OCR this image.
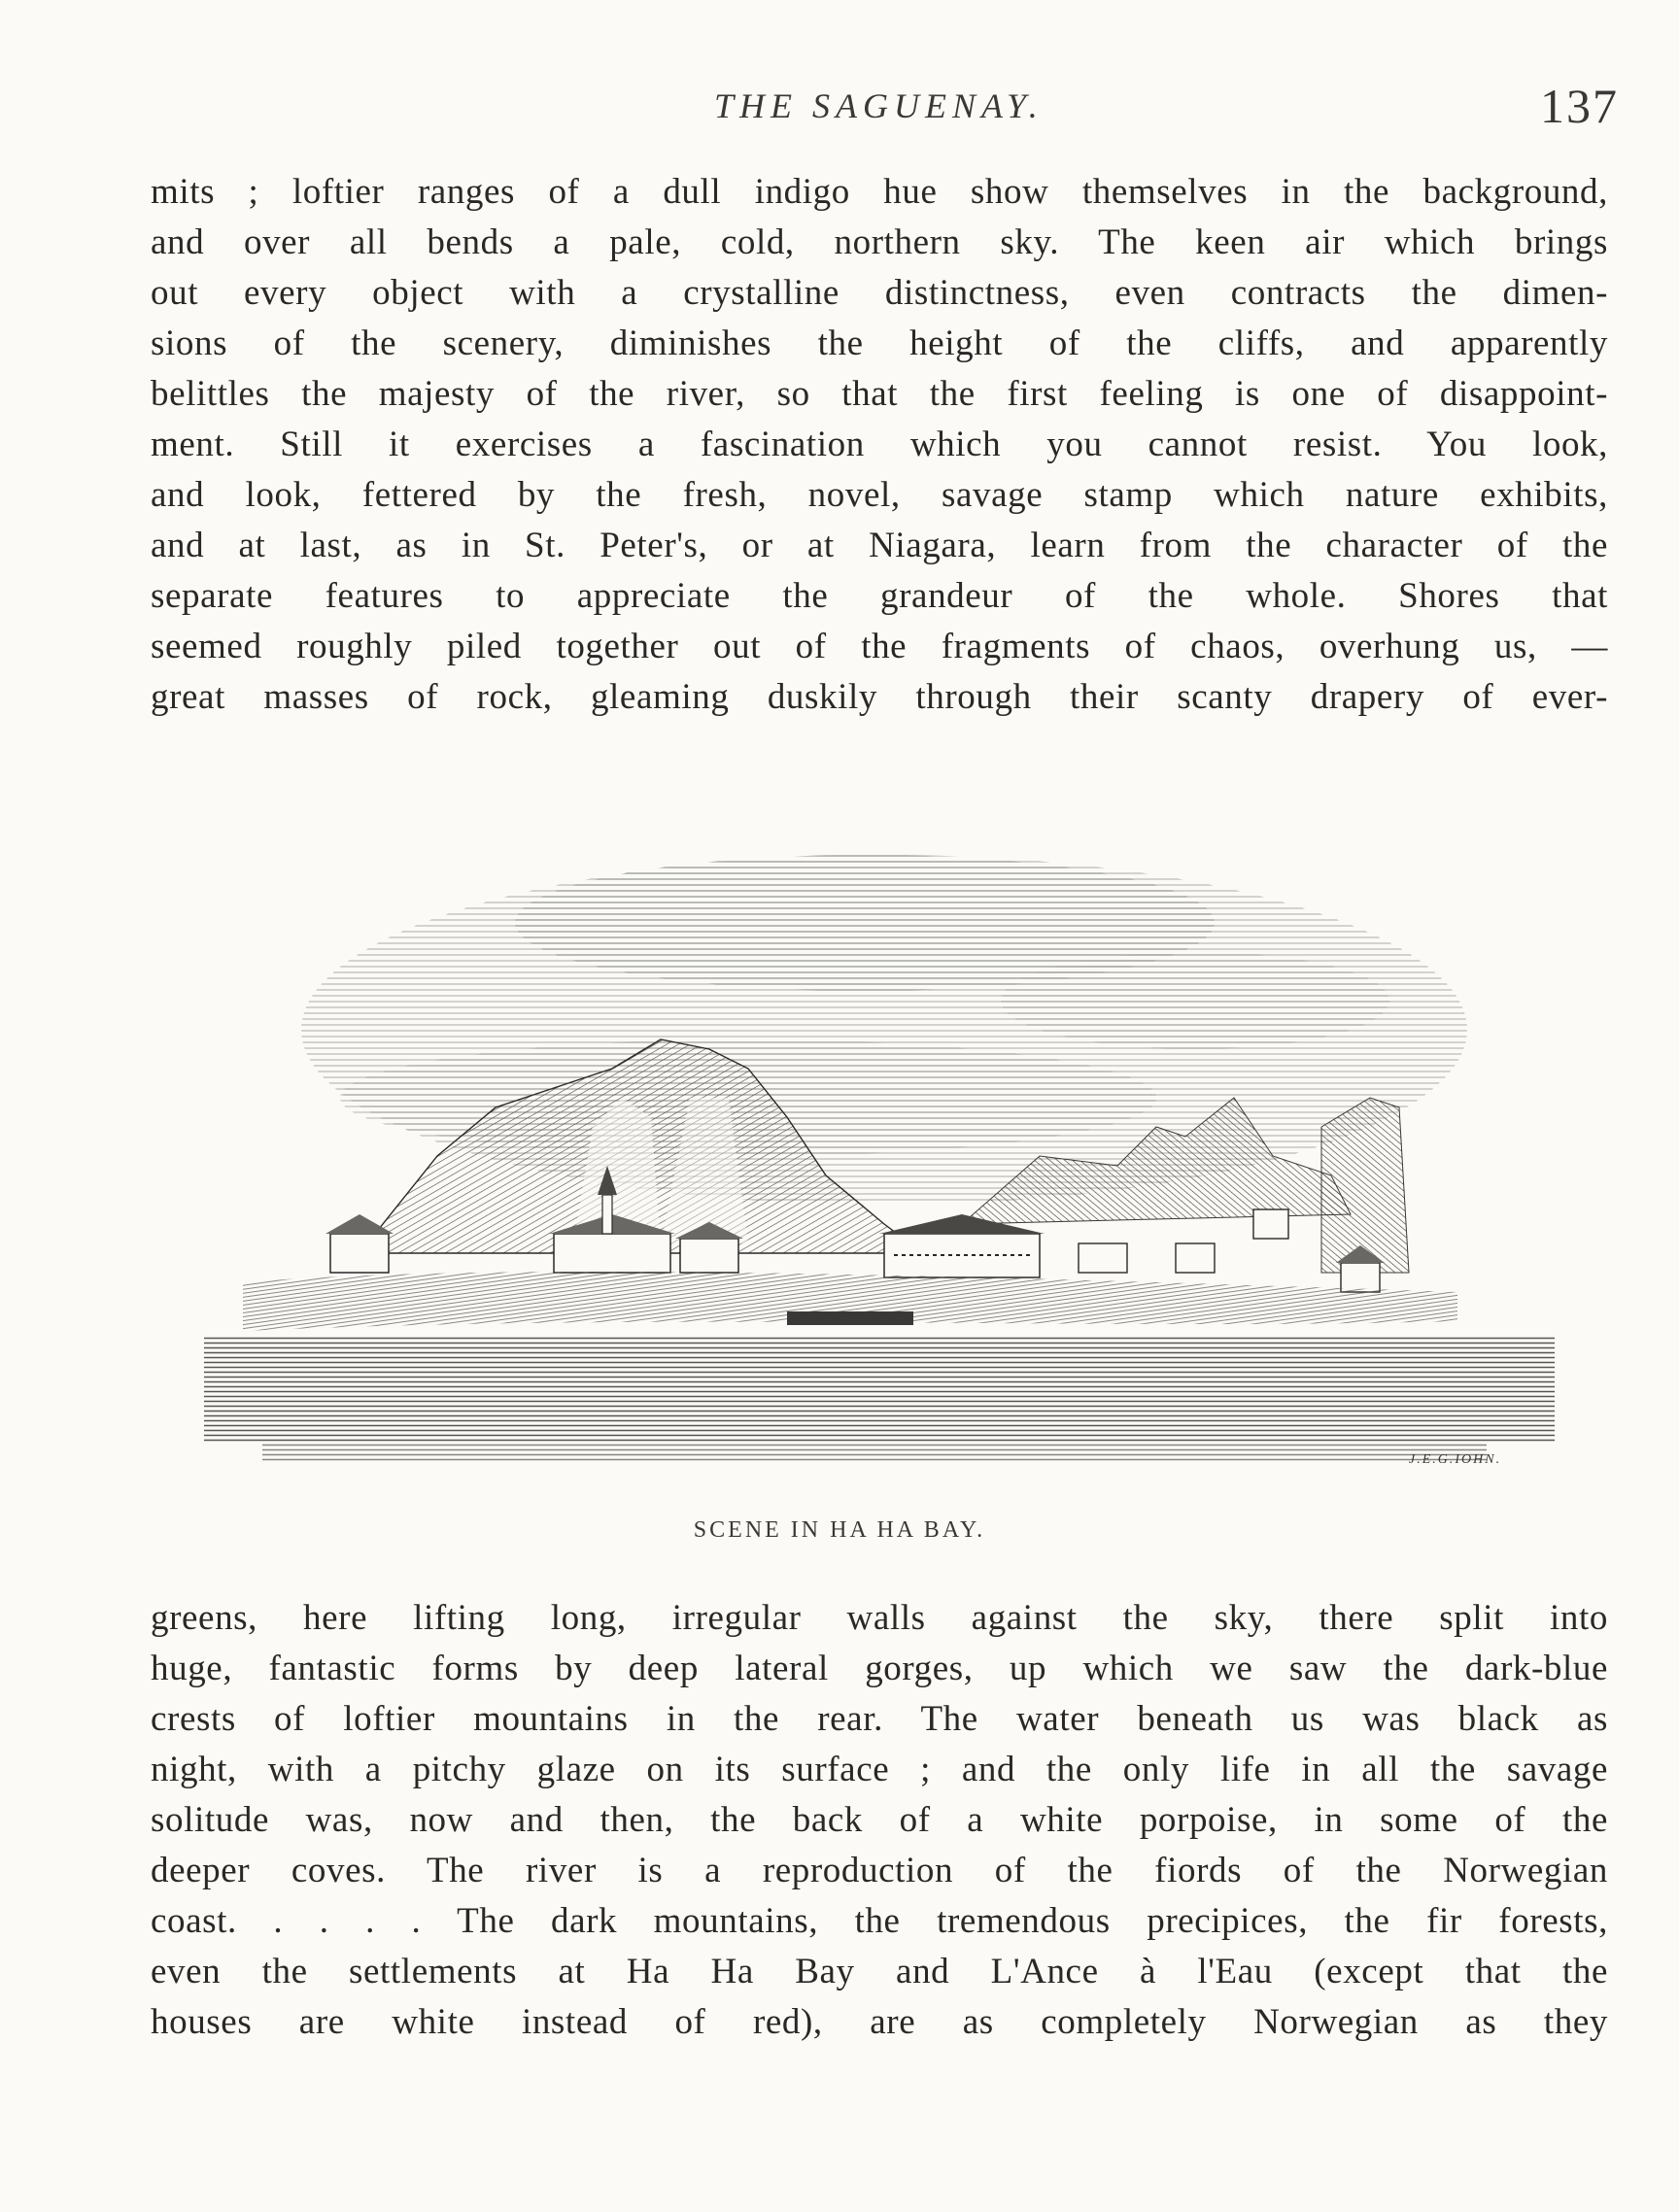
THE SAGUENAY.	137
mits ; loftier ranges of a dull indigo hue show themselves in the background,
and over all bends a pale, cold, northern sky. The keen air which brings
out every object with a crystalline distinctness, even contracts the dimen-
sions of the scenery, diminishes the height of the cliffs, and apparently
belittles the majesty of the river, so that the first feeling is one of disappoint-
ment. Still it exercises a fascination which you cannot resist. You look,
and look, fettered by the fresh, novel, savage stamp which nature exhibits,
and at last, as in St. Peter's, or at Niagara, learn from the character of the
separate features to appreciate the grandeur of the whole. Shores that
seemed roughly piled together out of the fragments of chaos, overhung us, —
great masses of rock, gleaming duskily through their scanty drapery of ever-
J.E.G.IOHN.
SCENE IN HA HA BAY.
greens, here lifting long, irregular walls against the sky, there split into
huge, fantastic forms by deep lateral gorges, up which we saw the dark-blue
crests of loftier mountains in the rear. The water beneath us was black as
night, with a pitchy glaze on its surface ; and the only life in all the savage
solitude was, now and then, the back of a white porpoise, in some of the
deeper coves. The river is a reproduction of the fiords of the Norwegian
coast. . . . . The dark mountains, the tremendous precipices, the fir forests,
even the settlements at Ha Ha Bay and L'Ance à l'Eau (except that the
houses are white instead of red), are as completely Norwegian as they
